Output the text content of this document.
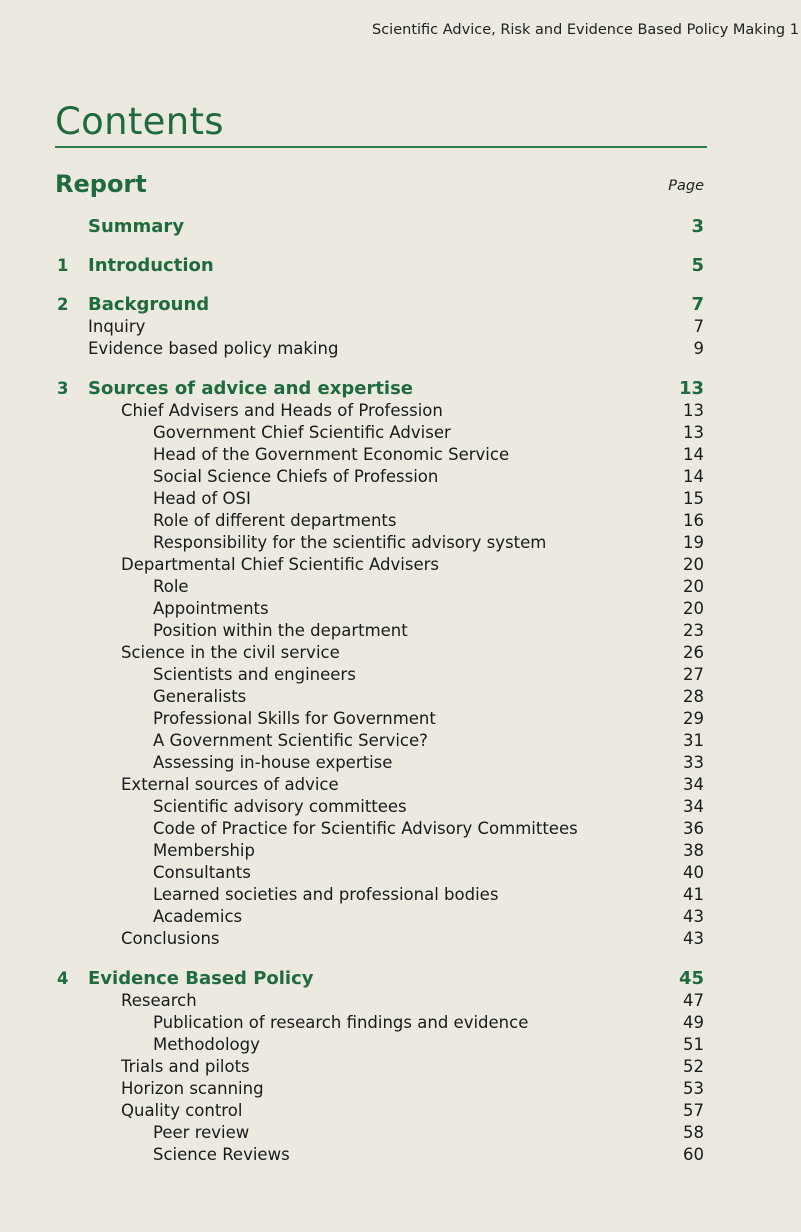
Scientific Advice, Risk and Evidence Based Policy Making 1
Contents
Report	Page
Summary	3
1 Introduction	5
2 Background	7
Inquiry	7
Evidence based policy making	9
3 Sources of advice and expertise	13
Chief Advisers and Heads of Profession	13
Government Chief Scientific Adviser	13
Head of the Government Economic Service	14
Social Science Chiefs of Profession	14
Head of OSI	15
Role of different departments	16
Responsibility for the scientific advisory system	19
Departmental Chief Scientific Advisers	20
Role	20
Appointments	20
Position within the department	23
Science in the civil service	26
Scientists and engineers	27
Generalists	28
Professional Skills for Government	29
A Government Scientific Service?	31
Assessing in-house expertise	33
External sources of advice	34
Scientific advisory committees	34
Code of Practice for Scientific Advisory Committees	36
Membership	38
Consultants	40
Learned societies and professional bodies	41
Academics	43
Conclusions	43
4 Evidence Based Policy	45
Research	47
Publication of research findings and evidence	49
Methodology	51
Trials and pilots	52
Horizon scanning	53
Quality control	57
Peer review	58
Science Reviews	60
